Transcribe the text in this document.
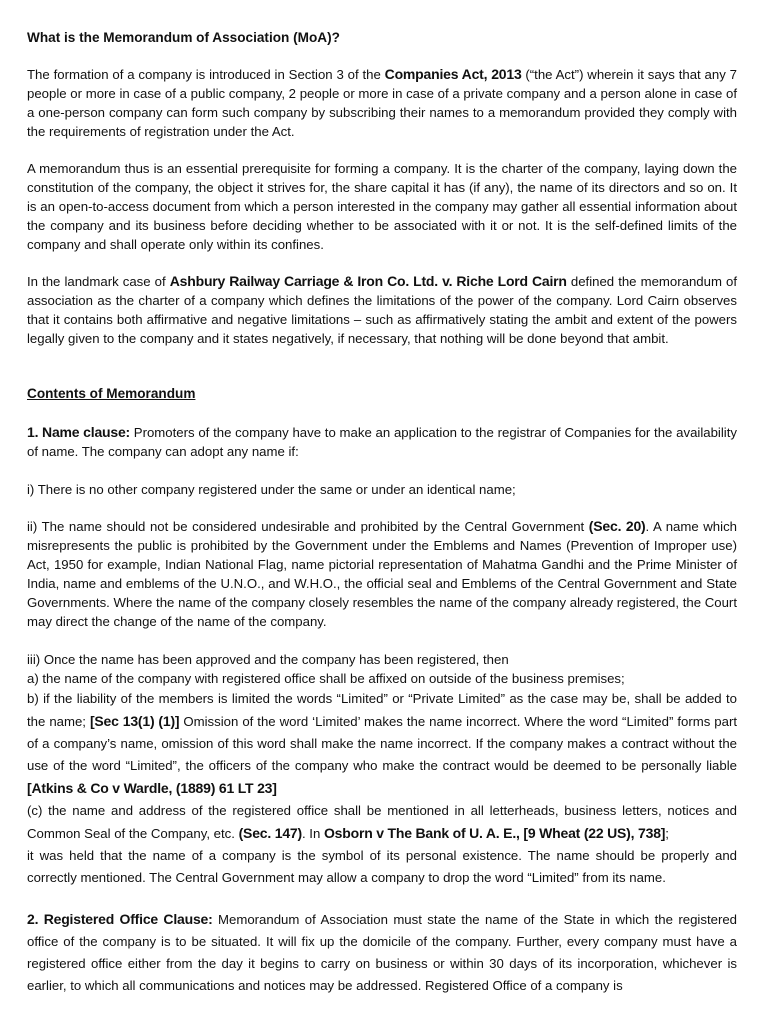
What is the Memorandum of Association (MoA)?

The formation of a company is introduced in Section 3 of the Companies Act, 2013 (“the Act”) wherein it says that any 7 people or more in case of a public company, 2 people or more in case of a private company and a person alone in case of a one-person company can form such company by subscribing their names to a memorandum provided they comply with the requirements of registration under the Act.

A memorandum thus is an essential prerequisite for forming a company. It is the charter of the company, laying down the constitution of the company, the object it strives for, the share capital it has (if any), the name of its directors and so on. It is an open-to-access document from which a person interested in the company may gather all essential information about the company and its business before deciding whether to be associated with it or not. It is the self-defined limits of the company and shall operate only within its confines.

In the landmark case of Ashbury Railway Carriage & Iron Co. Ltd. v. Riche Lord Cairn defined the memorandum of association as the charter of a company which defines the limitations of the power of the company. Lord Cairn observes that it contains both affirmative and negative limitations – such as affirmatively stating the ambit and extent of the powers legally given to the company and it states negatively, if necessary, that nothing will be done beyond that ambit.

Contents of Memorandum

1. Name clause: Promoters of the company have to make an application to the registrar of Companies for the availability of name. The company can adopt any name if:

i) There is no other company registered under the same or under an identical name;

ii) The name should not be considered undesirable and prohibited by the Central Government (Sec. 20). A name which misrepresents the public is prohibited by the Government under the Emblems and Names (Prevention of Improper use) Act, 1950 for example, Indian National Flag, name pictorial representation of Mahatma Gandhi and the Prime Minister of India, name and emblems of the U.N.O., and W.H.O., the official seal and Emblems of the Central Government and State Governments. Where the name of the company closely resembles the name of the company already registered, the Court may direct the change of the name of the company.

iii) Once the name has been approved and the company has been registered, then

a) the name of the company with registered office shall be affixed on outside of the business premises;

b) if the liability of the members is limited the words “Limited” or “Private Limited” as the case may be, shall be added to the name; [Sec 13(1) (1)] Omission of the word ‘Limited’ makes the name incorrect. Where the word “Limited” forms part of a company’s name, omission of this word shall make the name incorrect. If the company makes a contract without the use of the word “Limited”, the officers of the company who make the contract would be deemed to be personally liable [Atkins & Co v Wardle, (1889) 61 LT 23]

(c) the name and address of the registered office shall be mentioned in all letterheads, business letters, notices and Common Seal of the Company, etc. (Sec. 147). In Osborn v The Bank of U. A. E., [9 Wheat (22 US), 738];

it was held that the name of a company is the symbol of its personal existence. The name should be properly and correctly mentioned. The Central Government may allow a company to drop the word “Limited” from its name.

2. Registered Office Clause: Memorandum of Association must state the name of the State in which the registered office of the company is to be situated. It will fix up the domicile of the company. Further, every company must have a registered office either from the day it begins to carry on business or within 30 days of its incorporation, whichever is earlier, to which all communications and notices may be addressed. Registered Office of a company is
